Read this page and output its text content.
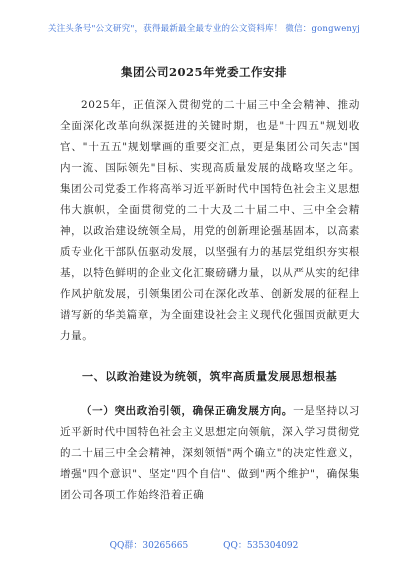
关注头条号"公文研究"，获得最新最全最专业的公文资料库！ 微信：gongwenyj
集团公司2025年党委工作安排
2025年，正值深入贯彻党的二十届三中全会精神、推动全面深化改革向纵深挺进的关键时期，也是"十四五"规划收官、"十五五"规划擘画的重要交汇点，更是集团公司矢志"国内一流、国际领先"目标、实现高质量发展的战略攻坚之年。集团公司党委工作将高举习近平新时代中国特色社会主义思想伟大旗帜，全面贯彻党的二十大及二十届二中、三中全会精神，以政治建设统领全局，用党的创新理论强基固本，以高素质专业化干部队伍驱动发展，以坚强有力的基层党组织夯实根基，以特色鲜明的企业文化汇聚磅礴力量，以从严从实的纪律作风护航发展，引领集团公司在深化改革、创新发展的征程上谱写新的华美篇章，为全面建设社会主义现代化强国贡献更大力量。
一、以政治建设为统领，筑牢高质量发展思想根基
（一）突出政治引领，确保正确发展方向。一是坚持以习近平新时代中国特色社会主义思想定向领航，深入学习贯彻党的二十届三中全会精神，深刻领悟"两个确立"的决定性意义，增强"四个意识"、坚定"四个自信"、做到"两个维护"，确保集团公司各项工作始终沿着正确
QQ群：30265665	QQ：535304092
